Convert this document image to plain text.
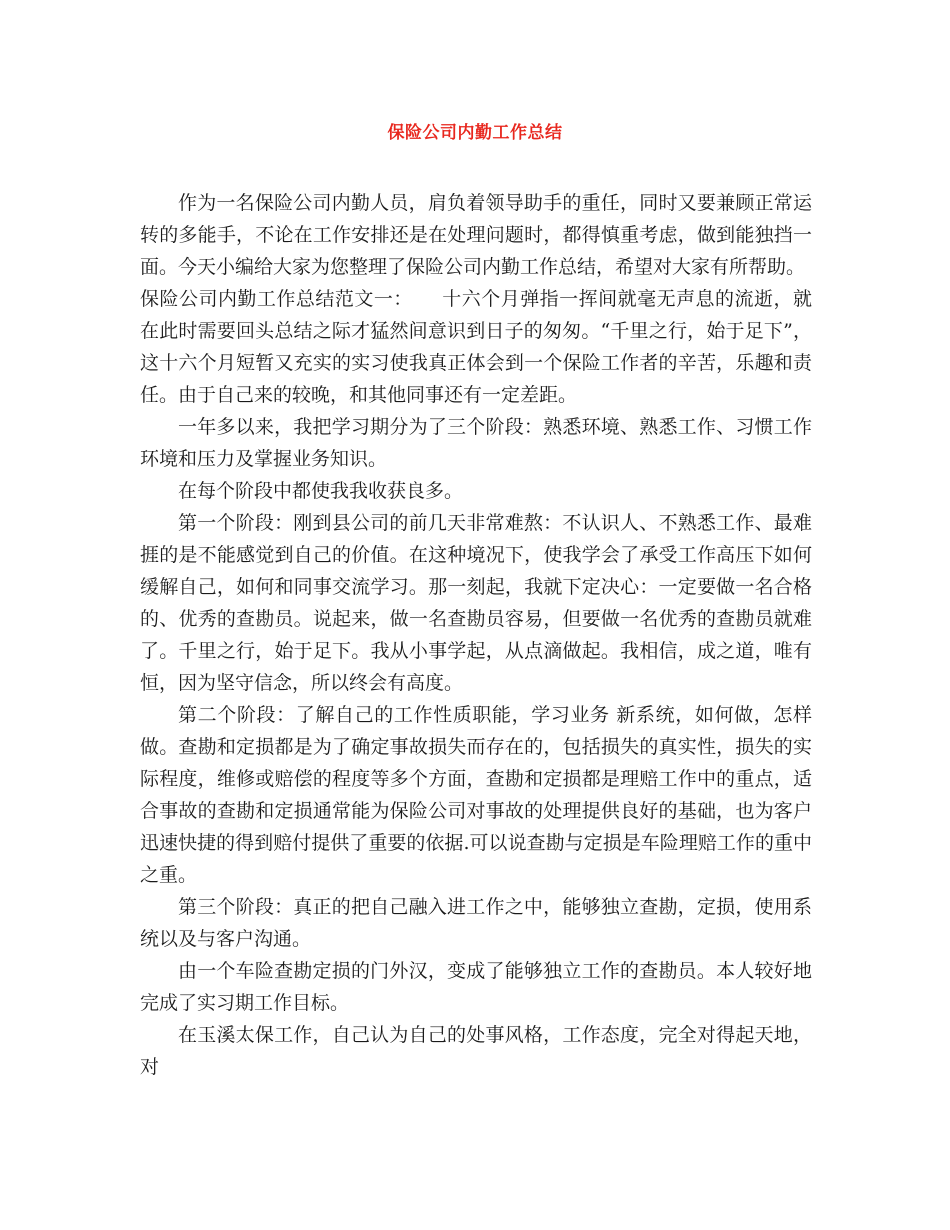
保险公司内勤工作总结

作为一名保险公司内勤人员，肩负着领导助手的重任，同时又要兼顾正常运转的多能手，不论在工作安排还是在处理问题时，都得慎重考虑，做到能独挡一面。今天小编给大家为您整理了保险公司内勤工作总结，希望对大家有所帮助。

保险公司内勤工作总结范文一：　　十六个月弹指一挥间就毫无声息的流逝，就在此时需要回头总结之际才猛然间意识到日子的匆匆。“千里之行，始于足下”，这十六个月短暂又充实的实习使我真正体会到一个保险工作者的辛苦，乐趣和责任。由于自己来的较晚，和其他同事还有一定差距。

一年多以来，我把学习期分为了三个阶段：熟悉环境、熟悉工作、习惯工作环境和压力及掌握业务知识。

在每个阶段中都使我我收获良多。

第一个阶段：刚到县公司的前几天非常难熬：不认识人、不熟悉工作、最难捱的是不能感觉到自己的价值。在这种境况下，使我学会了承受工作高压下如何缓解自己，如何和同事交流学习。那一刻起，我就下定决心：一定要做一名合格的、优秀的查勘员。说起来，做一名查勘员容易，但要做一名优秀的查勘员就难了。千里之行，始于足下。我从小事学起，从点滴做起。我相信，成之道，唯有恒，因为坚守信念，所以终会有高度。

第二个阶段：了解自己的工作性质职能，学习业务 新系统，如何做，怎样做。查勘和定损都是为了确定事故损失而存在的，包括损失的真实性，损失的实际程度，维修或赔偿的程度等多个方面，查勘和定损都是理赔工作中的重点，适合事故的查勘和定损通常能为保险公司对事故的处理提供良好的基础，也为客户迅速快捷的得到赔付提供了重要的依据.可以说查勘与定损是车险理赔工作的重中之重。

第三个阶段：真正的把自己融入进工作之中，能够独立查勘，定损，使用系统以及与客户沟通。

由一个车险查勘定损的门外汉，变成了能够独立工作的查勘员。本人较好地完成了实习期工作目标。

在玉溪太保工作，自己认为自己的处事风格，工作态度，完全对得起天地，对
